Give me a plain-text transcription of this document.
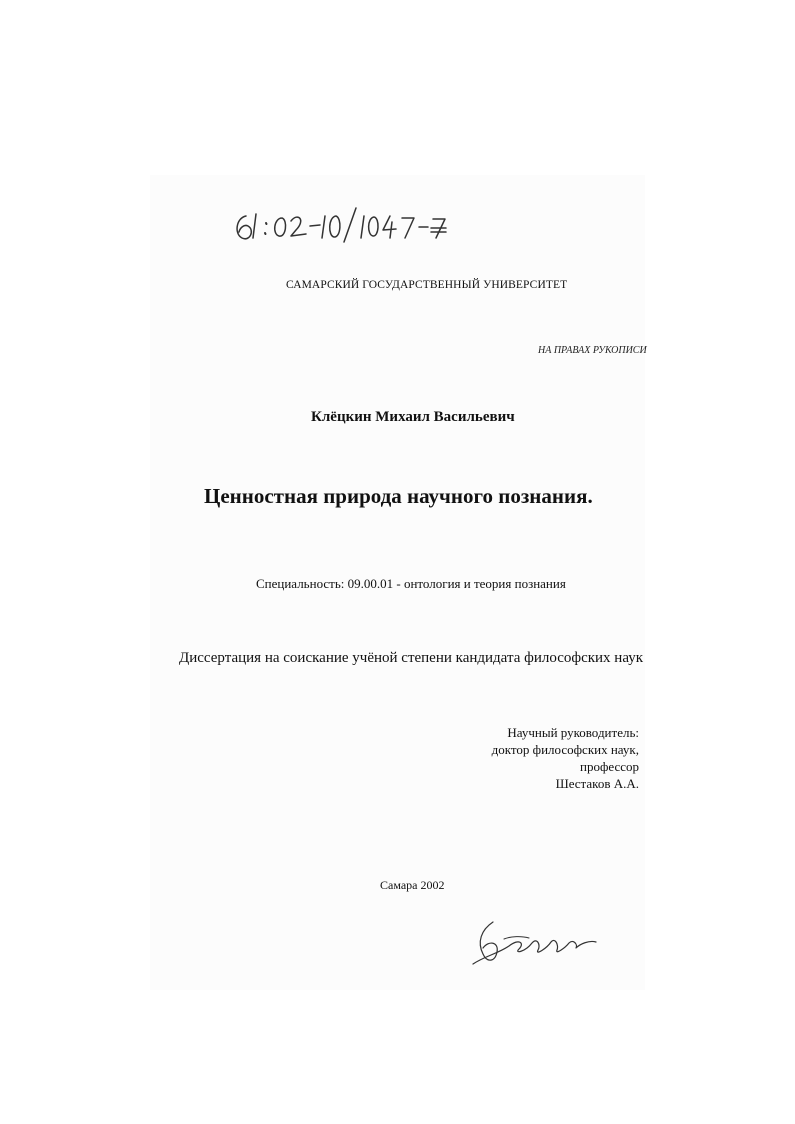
САМАРСКИЙ ГОСУДАРСТВЕННЫЙ УНИВЕРСИТЕТ

НА ПРАВАХ РУКОПИСИ

Клёцкин Михаил Васильевич

Ценностная природа научного познания.

Специальность: 09.00.01 - онтология и теория познания

Диссертация на соискание учёной степени кандидата философских наук

Научный руководитель:
доктор философских наук,
профессор
Шестаков А.А.

Самара 2002
